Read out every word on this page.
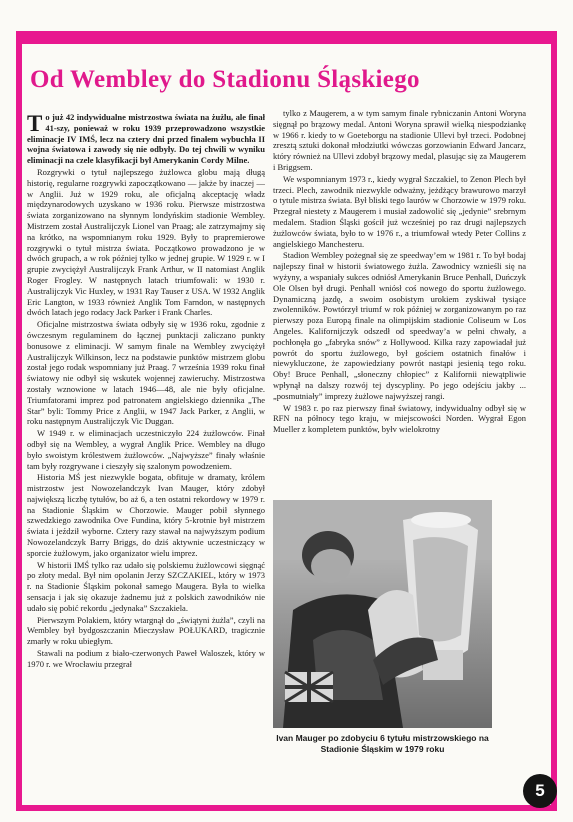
Od Wembley do Stadionu Śląskiego

To już 42 indywidualne mistrzostwa świata na żużlu, ale finał 41-szy, ponieważ w roku 1939 przeprowadzono wszystkie eliminacje IV IMŚ, lecz na cztery dni przed finałem wybuchła II wojna światowa i zawody się nie odbyły. Do tej chwili w wyniku eliminacji na czele klasyfikacji był Amerykanin Cordy Milne.

Rozgrywki o tytuł najlepszego żużlowca globu mają długą historię, regularne rozgrywki zapoczątkowano — jakże by inaczej — w Anglii. Już w 1929 roku, ale oficjalną akceptację władz międzynarodowych uzyskano w 1936 roku. Pierwsze mistrzostwa świata zorganizowano na słynnym londyńskim stadionie Wembley. Mistrzem został Australijczyk Lionel van Praag; ale zatrzymajmy się na krótko, na wspomnianym roku 1929. Były to prapremierowe rozgrywki o tytuł mistrza świata. Początkowo prowadzono je w dwóch grupach, a w rok później tylko w jednej grupie. W 1929 r. w I grupie zwyciężył Australijczyk Frank Arthur, w II natomiast Anglik Roger Frogley. W następnych latach triumfowali: w 1930 r. Australijczyk Vic Huxley, w 1931 Ray Tauser z USA. W 1932 Anglik Eric Langton, w 1933 również Anglik Tom Farndon, w następnych dwóch latach jego rodacy Jack Parker i Frank Charles.

Oficjalne mistrzostwa świata odbyły się w 1936 roku, zgodnie z ówczesnym regulaminem do łącznej punktacji zaliczano punkty bonusowe z eliminacji. W samym finale na Wembley zwyciężył Australijczyk Wilkinson, lecz na podstawie punktów mistrzem globu został jego rodak wspomniany już Praag. 7 września 1939 roku finał światowy nie odbył się wskutek wojennej zawieruchy. Mistrzostwa zostały wznowione w latach 1946—48, ale nie były oficjalne. Triumfatorami imprez pod patronatem angielskiego dziennika „The Star” byli: Tommy Price z Anglii, w 1947 Jack Parker, z Anglii, w roku następnym Australijczyk Vic Duggan.

W 1949 r. w eliminacjach uczestniczyło 224 żużlowców. Finał odbył się na Wembley, a wygrał Anglik Price. Wembley na długo było swoistym królestwem żużlowców. „Najwyższe” finały właśnie tam były rozgrywane i cieszyły się szalonym powodzeniem.

Historia MŚ jest niezwykle bogata, obfituje w dramaty, królem mistrzostw jest Nowozelandczyk Ivan Mauger, który zdobył największą liczbę tytułów, bo aż 6, a ten ostatni rekordowy w 1979 r. na Stadionie Śląskim w Chorzowie. Mauger pobił słynnego szwedzkiego zawodnika Ove Fundina, który 5-krotnie był mistrzem świata i jeździł wyborne. Cztery razy stawał na najwyższym podium Nowozelandczyk Barry Briggs, do dziś aktywnie uczestniczący w sporcie żużlowym, jako organizator wielu imprez.

W historii IMŚ tylko raz udało się polskiemu żużlowcowi sięgnąć po złoty medal. Był nim opolanin Jerzy SZCZAKIEL, który w 1973 r. na Stadionie Śląskim pokonał samego Maugera. Była to wielka sensacja i jak się okazuje żadnemu już z polskich zawodników nie udało się pobić rekordu „jedynaka” Szczakiela.

Pierwszym Polakiem, który wtargnął do „świątyni żużla”, czyli na Wembley był bydgoszczanin Mieczysław POŁUKARD, tragicznie zmarły w roku ubiegłym.

Stawali na podium z biało-czerwonych Paweł Waloszek, który w 1970 r. we Wrocławiu przegrał

tylko z Maugerem, a w tym samym finale rybniczanin Antoni Woryna sięgnął po brązowy medal. Antoni Woryna sprawił wielką niespodziankę w 1966 r. kiedy to w Goeteborgu na stadionie Ullevi był trzeci. Podobnej zresztą sztuki dokonał młodziutki wówczas gorzowianin Edward Jancarz, który również na Ullevi zdobył brązowy medal, plasując się za Maugerem i Briggsem.

We wspomnianym 1973 r., kiedy wygrał Szczakiel, to Zenon Plech był trzeci. Plech, zawodnik niezwykle odważny, jeżdżący brawurowo marzył o tytule mistrza świata. Był bliski tego laurów w Chorzowie w 1979 roku. Przegrał niestety z Maugerem i musiał zadowolić się „jedynie” srebrnym medalem. Stadion Śląski gościł już wcześniej po raz drugi najlepszych żużlowców świata, było to w 1976 r., a triumfował wtedy Peter Collins z angielskiego Manchesteru.

Stadion Wembley pożegnał się ze speedway’em w 1981 r. To był bodaj najlepszy finał w historii światowego żużla. Zawodnicy wznieśli się na wyżyny, a wspaniały sukces odniósł Amerykanin Bruce Penhall, Duńczyk Ole Olsen był drugi. Penhall wniósł coś nowego do sportu żużlowego. Dynamiczną jazdę, a swoim osobistym urokiem zyskiwał tysiące zwolenników. Powtórzył triumf w rok później w zorganizowanym po raz pierwszy poza Europą finale na olimpijskim stadionie Coliseum w Los Angeles. Kalifornijczyk odszedł od speedway’a w pełni chwały, a pochłonęła go „fabryka snów” z Hollywood. Kilka razy zapowiadał już powrót do sportu żużlowego, był gościem ostatnich finałów i niewykluczone, że zapowiedziany powrót nastąpi jesienią tego roku. Oby! Bruce Penhall, „słoneczny chłopiec” z Kalifornii niewątpliwie wpłynął na dalszy rozwój tej dyscypliny. Po jego odejściu jakby ...„posmutniały” imprezy żużlowe najwyższej rangi.

W 1983 r. po raz pierwszy finał światowy, indywidualny odbył się w RFN na północy tego kraju, w miejscowości Norden. Wygrał Egon Mueller z kompletem punktów, byłv wielokrotny

Ivan Mauger po zdobyciu 6 tytułu mistrzowskiego na Stadionie Śląskim w 1979 roku
5
